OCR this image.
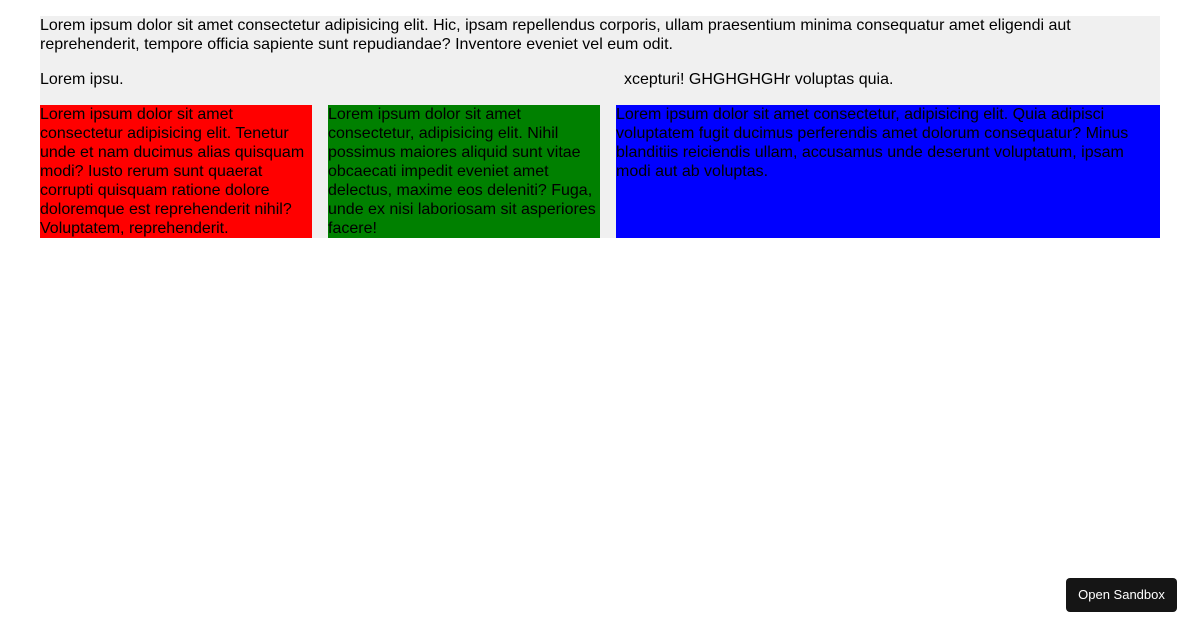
Lorem ipsum dolor sit amet consectetur adipisicing elit. Hic, ipsam repellendus corporis, ullam praesentium minima consequatur amet eligendi aut reprehenderit, tempore officia sapiente sunt repudiandae? Inventore eveniet vel eum odit.

Lorem ipsu.	xcepturi! GHGHGHGHr voluptas quia.
Lorem ipsum dolor sit amet consectetur adipisicing elit. Tenetur unde et nam ducimus alias quisquam modi? Iusto rerum sunt quaerat corrupti quisquam ratione dolore doloremque est reprehenderit nihil? Voluptatem, reprehenderit.
Lorem ipsum dolor sit amet consectetur, adipisicing elit. Nihil possimus maiores aliquid sunt vitae obcaecati impedit eveniet amet delectus, maxime eos deleniti? Fuga, unde ex nisi laboriosam sit asperiores facere!
Lorem ipsum dolor sit amet consectetur, adipisicing elit. Quia adipisci voluptatem fugit ducimus perferendis amet dolorum consequatur? Minus blanditiis reiciendis ullam, accusamus unde deserunt voluptatum, ipsam modi aut ab voluptas.
Open Sandbox
